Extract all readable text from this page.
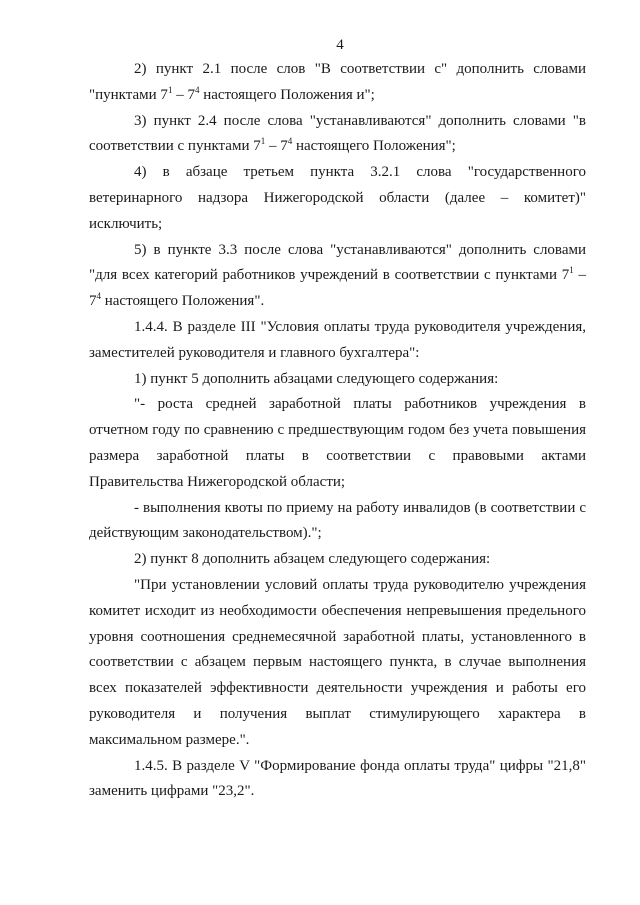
4

2) пункт 2.1 после слов "В соответствии с" дополнить словами "пунктами $7^1 - 7^4$ настоящего Положения и";

3) пункт 2.4 после слова "устанавливаются" дополнить словами "в соответствии с пунктами $7^1 - 7^4$ настоящего Положения";

4) в абзаце третьем пункта 3.2.1 слова "государственного ветеринарного надзора Нижегородской области (далее – комитет)" исключить;

5) в пункте 3.3 после слова "устанавливаются" дополнить словами "для всех категорий работников учреждений в соответствии с пунктами $7^1 - 7^4$ настоящего Положения".

1.4.4. В разделе III "Условия оплаты труда руководителя учреждения, заместителей руководителя и главного бухгалтера":

1) пункт 5 дополнить абзацами следующего содержания:

"- роста средней заработной платы работников учреждения в отчетном году по сравнению с предшествующим годом без учета повышения размера заработной платы в соответствии с правовыми актами Правительства Нижегородской области;

- выполнения квоты по приему на работу инвалидов (в соответствии с действующим законодательством).";

2) пункт 8 дополнить абзацем следующего содержания:

"При установлении условий оплаты труда руководителю учреждения комитет исходит из необходимости обеспечения непревышения предельного уровня соотношения среднемесячной заработной платы, установленного в соответствии с абзацем первым настоящего пункта, в случае выполнения всех показателей эффективности деятельности учреждения и работы его руководителя и получения выплат стимулирующего характера в максимальном размере.".

1.4.5. В разделе V "Формирование фонда оплаты труда" цифры "21,8" заменить цифрами "23,2".
